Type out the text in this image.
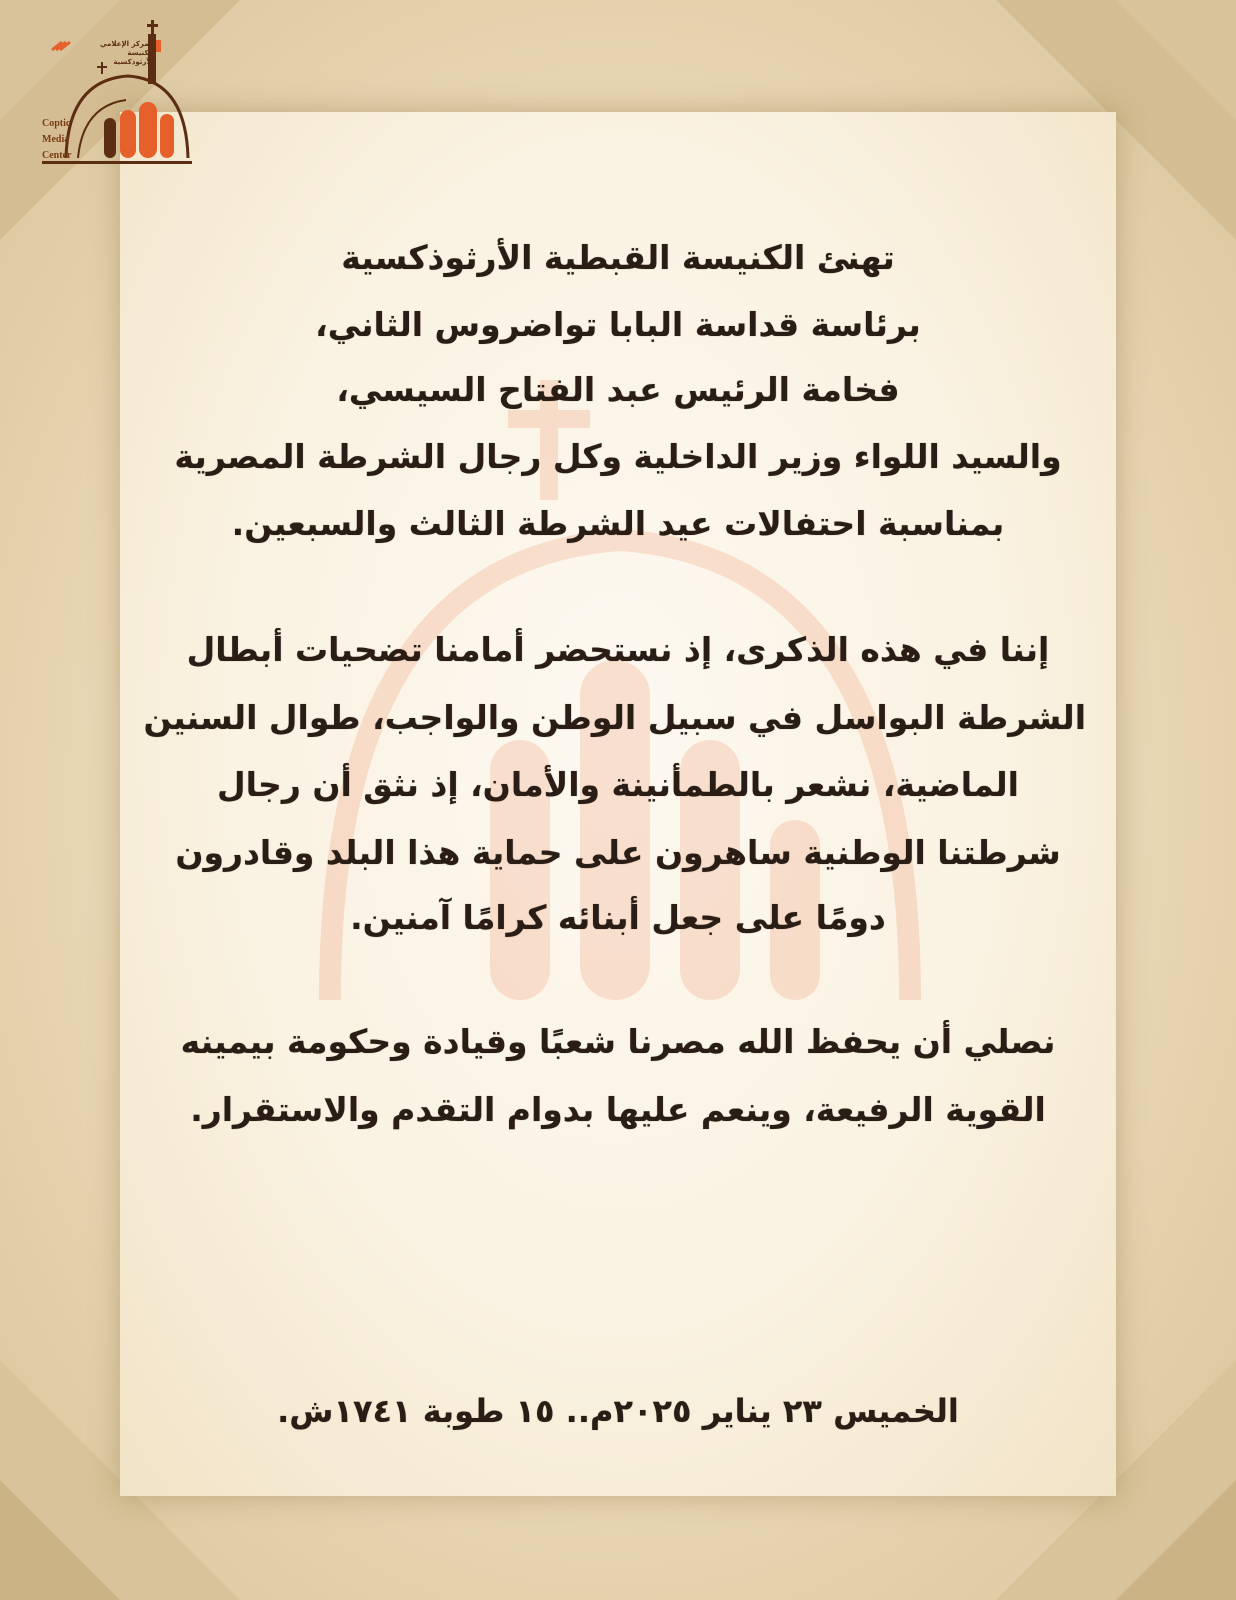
Coptic
Media
Center
المركز الإعلامي
للكنيسة الأرثوذكسية
تهنئ الكنيسة القبطية الأرثوذكسية
برئاسة قداسة البابا تواضروس الثاني،
فخامة الرئيس عبد الفتاح السيسي،
والسيد اللواء وزير الداخلية وكل رجال الشرطة المصرية
بمناسبة احتفالات عيد الشرطة الثالث والسبعين.
إننا في هذه الذكرى، إذ نستحضر أمامنا تضحيات أبطال
الشرطة البواسل في سبيل الوطن والواجب، طوال السنين
الماضية، نشعر بالطمأنينة والأمان، إذ نثق أن رجال
شرطتنا الوطنية ساهرون على حماية هذا البلد وقادرون
دومًا على جعل أبنائه كرامًا آمنين.
نصلي أن يحفظ الله مصرنا شعبًا وقيادة وحكومة بيمينه
القوية الرفيعة، وينعم عليها بدوام التقدم والاستقرار.
الخميس ٢٣ يناير ٢٠٢٥م.. ١٥ طوبة ١٧٤١ش.
